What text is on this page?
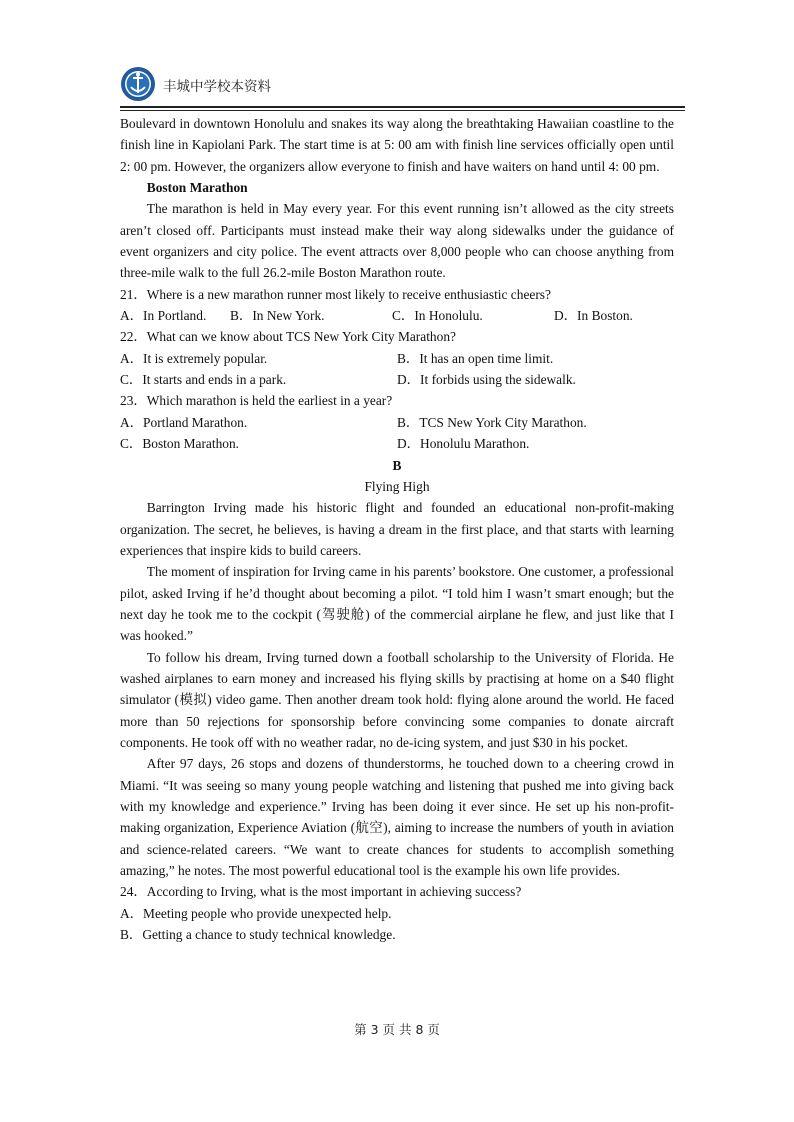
丰城中学校本资料

Boulevard in downtown Honolulu and snakes its way along the breathtaking Hawaiian coastline to the finish line in Kapiolani Park. The start time is at 5: 00 am with finish line services officially open until 2: 00 pm. However, the organizers allow everyone to finish and have waiters on hand until 4: 00 pm.

Boston Marathon

The marathon is held in May every year. For this event running isn’t allowed as the city streets aren’t closed off. Participants must instead make their way along sidewalks under the guidance of event organizers and city police. The event attracts over 8,000 people who can choose anything from three-mile walk to the full 26.2-mile Boston Marathon route.

21．Where is a new marathon runner most likely to receive enthusiastic cheers?

A．In Portland.	B．In New York.	C．In Honolulu.	D．In Boston.

22．What can we know about TCS New York City Marathon?

A．It is extremely popular.	B．It has an open time limit.
C．It starts and ends in a park.	D．It forbids using the sidewalk.

23．Which marathon is held the earliest in a year?

A．Portland Marathon.	B．TCS New York City Marathon.
C．Boston Marathon.	D．Honolulu Marathon.

B

Flying High

Barrington Irving made his historic flight and founded an educational non-profit-making organization. The secret, he believes, is having a dream in the first place, and that starts with learning experiences that inspire kids to build careers.

The moment of inspiration for Irving came in his parents’ bookstore. One customer, a professional pilot, asked Irving if he’d thought about becoming a pilot. “I told him I wasn’t smart enough; but the next day he took me to the cockpit (驾驶舱) of the commercial airplane he flew, and just like that I was hooked.”

To follow his dream, Irving turned down a football scholarship to the University of Florida. He washed airplanes to earn money and increased his flying skills by practising at home on a $40 flight simulator (模拟) video game. Then another dream took hold: flying alone around the world. He faced more than 50 rejections for sponsorship before convincing some companies to donate aircraft components. He took off with no weather radar, no de-icing system, and just $30 in his pocket.

After 97 days, 26 stops and dozens of thunderstorms, he touched down to a cheering crowd in Miami. “It was seeing so many young people watching and listening that pushed me into giving back with my knowledge and experience.” Irving has been doing it ever since. He set up his non-profit-making organization, Experience Aviation (航空), aiming to increase the numbers of youth in aviation and science-related careers. “We want to create chances for students to accomplish something amazing,” he notes. The most powerful educational tool is the example his own life provides.

24．According to Irving, what is the most important in achieving success?

A．Meeting people who provide unexpected help.

B．Getting a chance to study technical knowledge.

第 3 页 共 8 页
